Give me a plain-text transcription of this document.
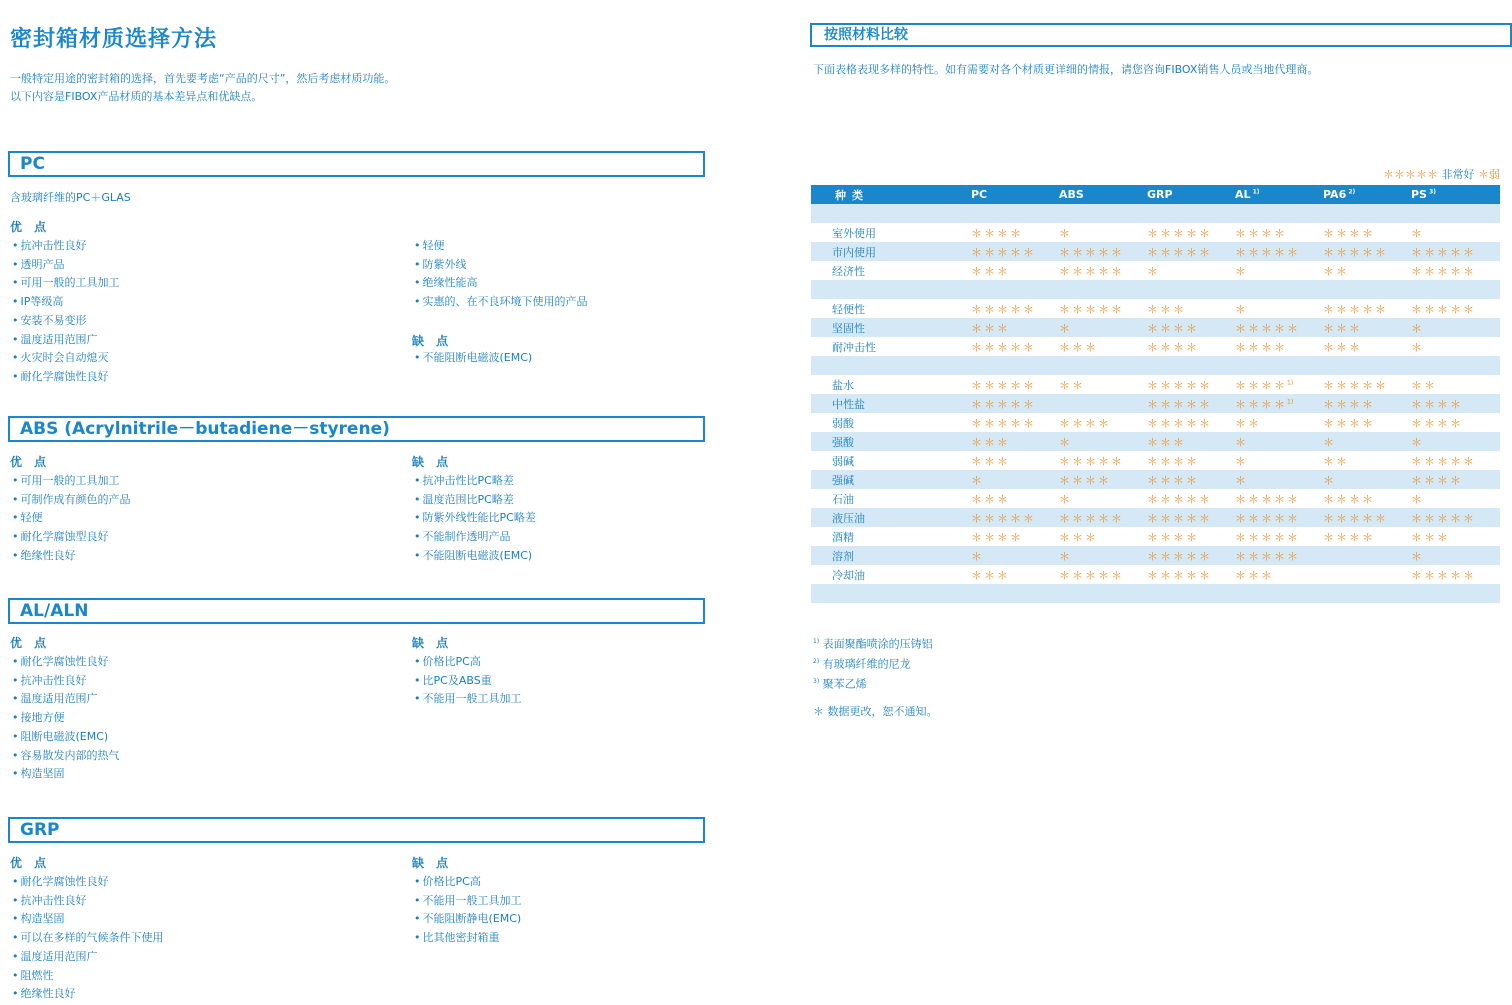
密封箱材质选择方法
一般特定用途的密封箱的选择，首先要考虑“产品的尺寸”，然后考虑材质功能。
以下内容是FIBOX产品材质的基本差异点和优缺点。
PC
含玻璃纤维的PC＋GLAS
优 点
• 抗冲击性良好
• 透明产品
• 可用一般的工具加工
• IP等级高
• 安装不易变形
• 温度适用范围广
• 火灾时会自动熄灭
• 耐化学腐蚀性良好
• 轻便
• 防紫外线
• 绝缘性能高
• 实惠的、在不良环境下使用的产品
缺 点
• 不能阻断电磁波(EMC)
ABS (Acrylnitrile－butadiene－styrene)
优 点
• 可用一般的工具加工
• 可制作成有颜色的产品
• 轻便
• 耐化学腐蚀型良好
• 绝缘性良好
缺 点
• 抗冲击性比PC略差
• 温度范围比PC略差
• 防紫外线性能比PC略差
• 不能制作透明产品
• 不能阻断电磁波(EMC)
AL/ALN
优 点
• 耐化学腐蚀性良好
• 抗冲击性良好
• 温度适用范围广
• 接地方便
• 阻断电磁波(EMC)
• 容易散发内部的热气
• 构造坚固
缺 点
• 价格比PC高
• 比PC及ABS重
• 不能用一般工具加工
GRP
优 点
• 耐化学腐蚀性良好
• 抗冲击性良好
• 构造坚固
• 可以在多样的气候条件下使用
• 温度适用范围广
• 阻燃性
• 绝缘性良好
缺 点
• 价格比PC高
• 不能用一般工具加工
• 不能阻断静电(EMC)
• 比其他密封箱重
按照材料比较
下面表格表现多样的特性。如有需要对各个材质更详细的情报，请您咨询FIBOX销售人员或当地代理商。
＊＊＊＊＊ 非常好 ＊弱
种类	PC	ABS	GRP	AL $^{1)}$	PA6 $^{2)}$	PS $^{3)}$

室外使用	＊＊＊＊	＊	＊＊＊＊＊	＊＊＊＊	＊＊＊＊	＊
市内使用	＊＊＊＊＊	＊＊＊＊＊	＊＊＊＊＊	＊＊＊＊＊	＊＊＊＊＊	＊＊＊＊＊
经济性	＊＊＊	＊＊＊＊＊	＊	＊	＊＊	＊＊＊＊＊

轻便性	＊＊＊＊＊	＊＊＊＊＊	＊＊＊	＊	＊＊＊＊＊	＊＊＊＊＊
坚固性	＊＊＊	＊	＊＊＊＊	＊＊＊＊＊	＊＊＊	＊
耐冲击性	＊＊＊＊＊	＊＊＊	＊＊＊＊	＊＊＊＊	＊＊＊	＊

盐水	＊＊＊＊＊	＊＊	＊＊＊＊＊	＊＊＊＊$^{1)}$	＊＊＊＊＊	＊＊
中性盐	＊＊＊＊＊		＊＊＊＊＊	＊＊＊＊$^{1)}$	＊＊＊＊	＊＊＊＊
弱酸	＊＊＊＊＊	＊＊＊＊	＊＊＊＊＊	＊＊	＊＊＊＊	＊＊＊＊
强酸	＊＊＊	＊	＊＊＊	＊	＊	＊
弱碱	＊＊＊	＊＊＊＊＊	＊＊＊＊	＊	＊＊	＊＊＊＊＊
强碱	＊	＊＊＊＊	＊＊＊＊	＊	＊	＊＊＊＊
石油	＊＊＊	＊	＊＊＊＊＊	＊＊＊＊＊	＊＊＊＊	＊
液压油	＊＊＊＊＊	＊＊＊＊＊	＊＊＊＊＊	＊＊＊＊＊	＊＊＊＊＊	＊＊＊＊＊
酒精	＊＊＊＊	＊＊＊	＊＊＊＊	＊＊＊＊＊	＊＊＊＊	＊＊＊
溶剂	＊	＊	＊＊＊＊＊	＊＊＊＊＊		＊
冷却油	＊＊＊	＊＊＊＊＊	＊＊＊＊＊	＊＊＊		＊＊＊＊＊

$^{1)}$ 表面聚酯喷涂的压铸铝
$^{2)}$ 有玻璃纤维的尼龙
$^{3)}$ 聚苯乙烯
＊ 数据更改，恕不通知。
